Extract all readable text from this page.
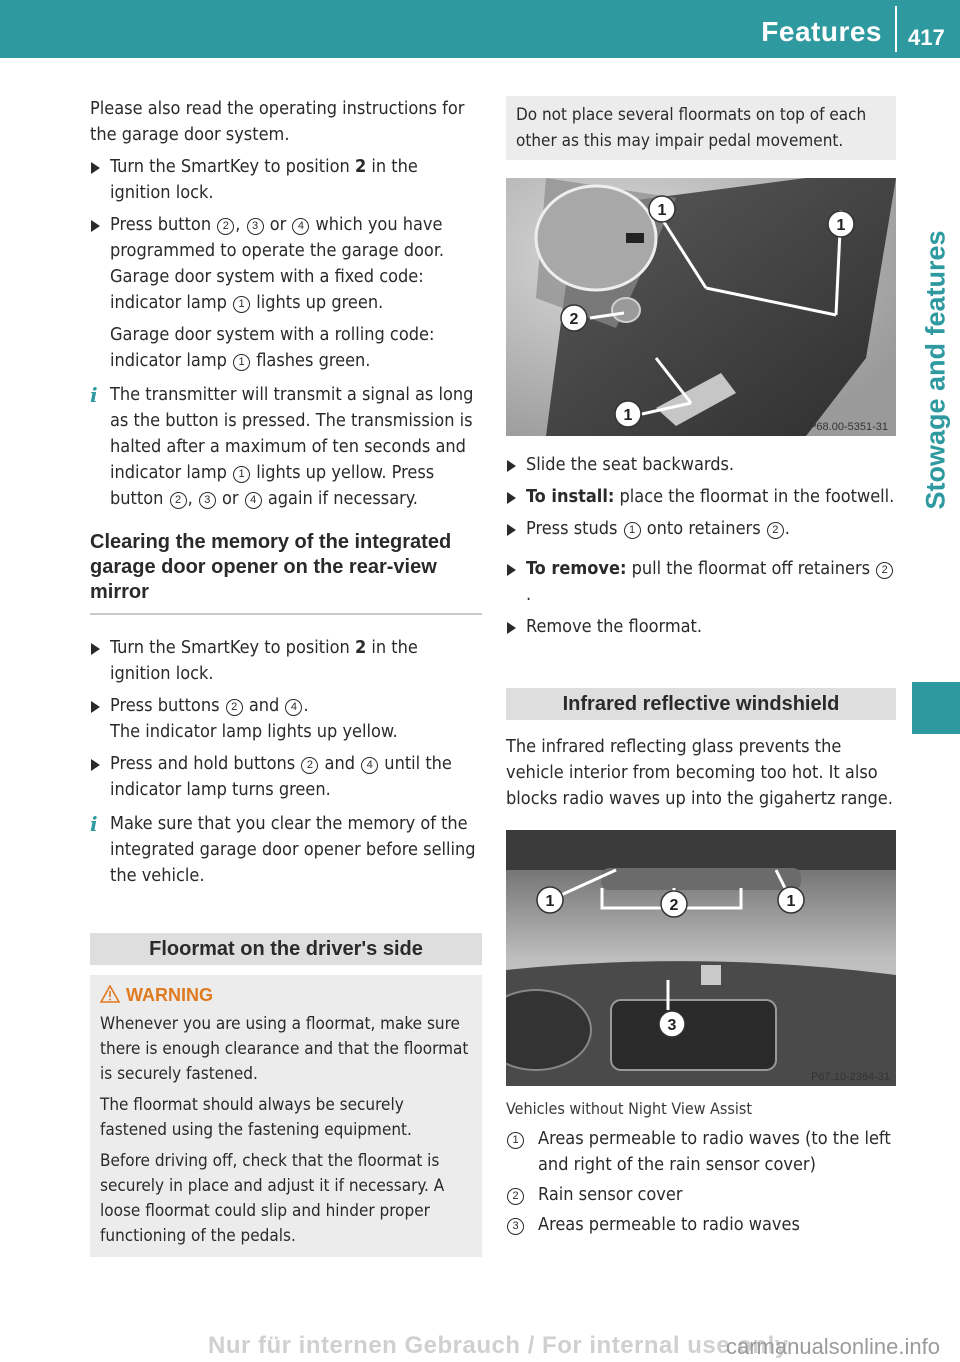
Features 417
Stowage and features

Please also read the operating instructions for the garage door system.

Turn the SmartKey to position 2 in the ignition lock.
Press button 2 , 3 or 4 which you have programmed to operate the garage door.
Garage door system with a fixed code: indicator lamp 1 lights up green.
Garage door system with a rolling code: indicator lamp 1 flashes green.
i The transmitter will transmit a signal as long as the button is pressed. The transmission is halted after a maximum of ten seconds and indicator lamp 1 lights up yellow. Press button 2 , 3 or 4 again if necessary.
Clearing the memory of the integrated garage door opener on the rear-view mirror
Turn the SmartKey to position 2 in the ignition lock.
Press buttons 2 and 4 .
The indicator lamp lights up yellow.
Press and hold buttons 2 and 4 until the indicator lamp turns green.
i Make sure that you clear the memory of the integrated garage door opener before selling the vehicle.
Floormat on the driver's side
WARNING

Whenever you are using a floormat, make sure there is enough clearance and that the floormat is securely fastened.

The floormat should always be securely fastened using the fastening equipment.

Before driving off, check that the floormat is securely in place and adjust it if necessary. A loose floormat could slip and hinder proper functioning of the pedals.

Do not place several floormats on top of each other as this may impair pedal movement.
1
1
2
1
P68.00-5351-31
Slide the seat backwards.
To install: place the floormat in the footwell.
Press studs 1 onto retainers 2 .
To remove: pull the floormat off retainers 2.
Remove the floormat.
Infrared reflective windshield

The infrared reflecting glass prevents the vehicle interior from becoming too hot. It also blocks radio waves up into the gigahertz range.

1	2	1
3
P67.10-2384-31
Vehicles without Night View Assist
1	Areas permeable to radio waves (to the left and right of the rain sensor cover)
2	Rain sensor cover
3	Areas permeable to radio waves
Nur für internen Gebrauch / For internal use only
carmanualsonline.info
